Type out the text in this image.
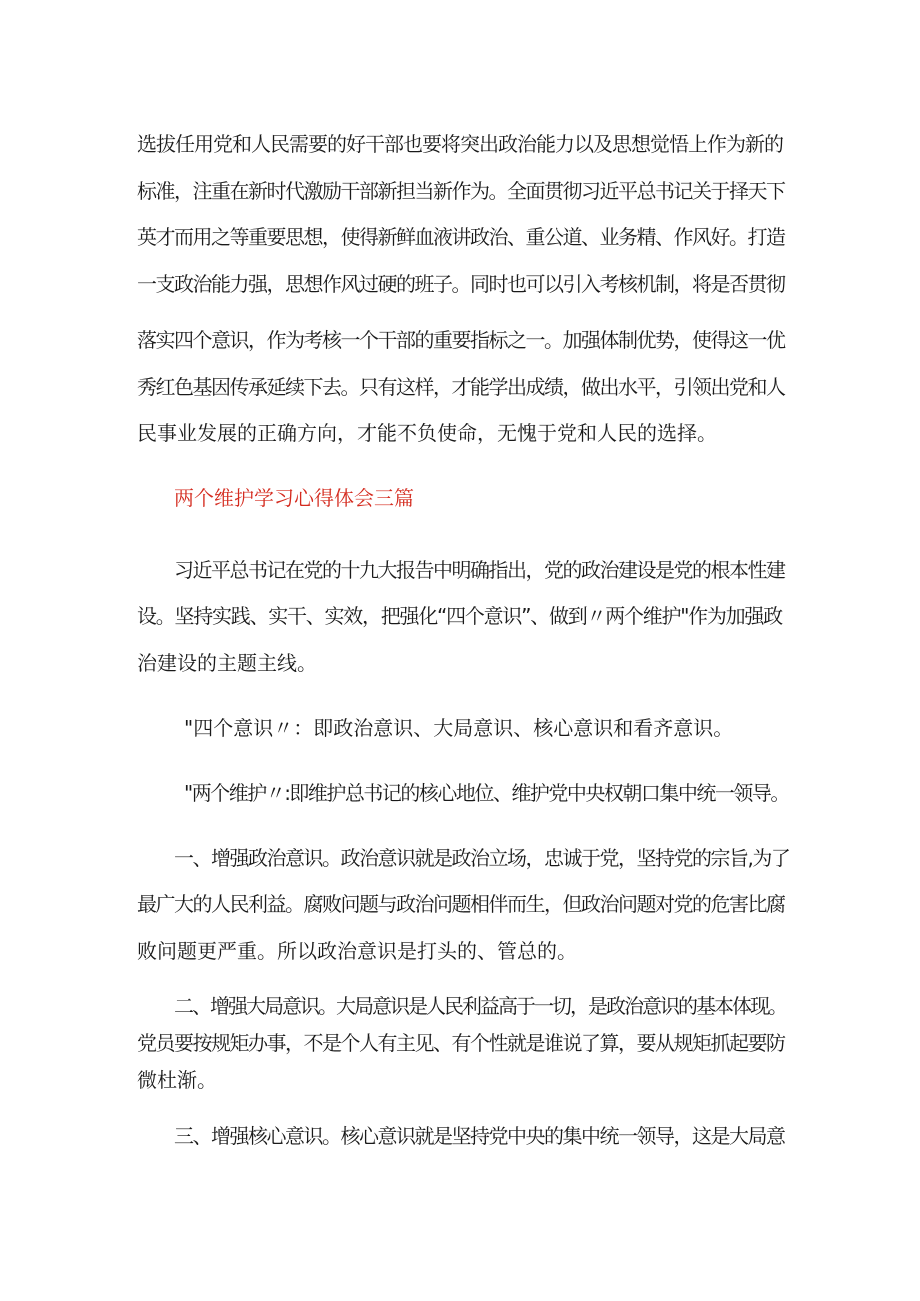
选拔任用党和人民需要的好干部也要将突出政治能力以及思想觉悟上作为新的
标准，注重在新时代激励干部新担当新作为。全面贯彻习近平总书记关于择天下
英才而用之等重要思想，使得新鲜血液讲政治、重公道、业务精、作风好。打造
一支政治能力强，思想作风过硬的班子。同时也可以引入考核机制，将是否贯彻
落实四个意识，作为考核一个干部的重要指标之一。加强体制优势，使得这一优
秀红色基因传承延续下去。只有这样，才能学出成绩，做出水平，引领出党和人
民事业发展的正确方向，才能不负使命，无愧于党和人民的选择。
两个维护学习心得体会三篇
习近平总书记在党的十九大报告中明确指出，党的政治建设是党的根本性建
设。坚持实践、实干、实效，把强化“四个意识”、做到〃两个维护"作为加强政
治建设的主题主线。
"四个意识〃：即政治意识、大局意识、核心意识和看齐意识。
"两个维护〃:即维护总书记的核心地位、维护党中央权朝口集中统一领导。
一、增强政治意识。政治意识就是政治立场，忠诚于党，坚持党的宗旨,为了
最广大的人民利益。腐败问题与政治问题相伴而生，但政治问题对党的危害比腐
败问题更严重。所以政治意识是打头的、管总的。
二、增强大局意识。大局意识是人民利益高于一切，是政治意识的基本体现。
党员要按规矩办事，不是个人有主见、有个性就是谁说了算，要从规矩抓起要防
微杜渐。
三、增强核心意识。核心意识就是坚持党中央的集中统一领导，这是大局意
